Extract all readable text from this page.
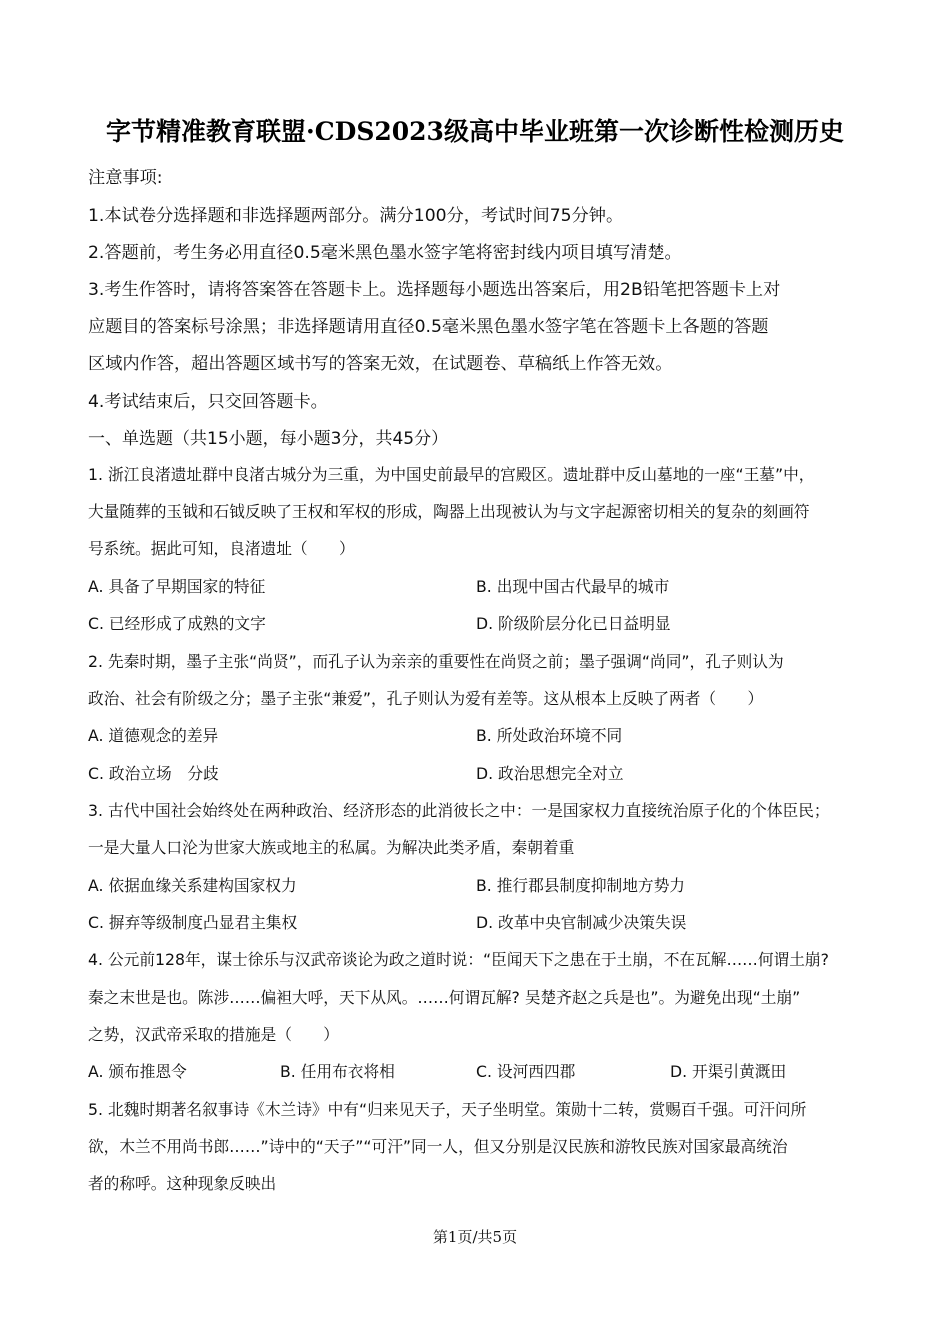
字节精准教育联盟·CDS2023级高中毕业班第一次诊断性检测历史
注意事项:
1.本试卷分选择题和非选择题两部分。满分100分，考试时间75分钟。
2.答题前，考生务必用直径0.5毫米黑色墨水签字笔将密封线内项目填写清楚。
3.考生作答时，请将答案答在答题卡上。选择题每小题选出答案后，用2B铅笔把答题卡上对
应题目的答案标号涂黑；非选择题请用直径0.5毫米黑色墨水签字笔在答题卡上各题的答题
区域内作答，超出答题区域书写的答案无效，在试题卷、草稿纸上作答无效。
4.考试结束后，只交回答题卡。
一、单选题（共15小题，每小题3分，共45分）
1. 浙江良渚遗址群中良渚古城分为三重，为中国史前最早的宫殿区。遗址群中反山墓地的一座“王墓”中，
大量随葬的玉钺和石钺反映了王权和军权的形成，陶器上出现被认为与文字起源密切相关的复杂的刻画符
号系统。据此可知，良渚遗址（　　）
A. 具备了早期国家的特征	B. 出现中国古代最早的城市
C. 已经形成了成熟的文字	D. 阶级阶层分化已日益明显
2. 先秦时期，墨子主张“尚贤”，而孔子认为亲亲的重要性在尚贤之前；墨子强调“尚同”，孔子则认为
政治、社会有阶级之分；墨子主张“兼爱”，孔子则认为爱有差等。这从根本上反映了两者（　　）
A. 道德观念的差异	B. 所处政治环境不同
C. 政治立场　分歧	D. 政治思想完全对立
3. 古代中国社会始终处在两种政治、经济形态的此消彼长之中：一是国家权力直接统治原子化的个体臣民；
一是大量人口沦为世家大族或地主的私属。为解决此类矛盾，秦朝着重
A. 依据血缘关系建构国家权力	B. 推行郡县制度抑制地方势力
C. 摒弃等级制度凸显君主集权	D. 改革中央官制减少决策失误
4. 公元前128年，谋士徐乐与汉武帝谈论为政之道时说：“臣闻天下之患在于土崩，不在瓦解……何谓土崩?
秦之末世是也。陈涉……偏袒大呼，天下从风。……何谓瓦解? 吴楚齐赵之兵是也”。为避免出现“土崩”
之势，汉武帝采取的措施是（　　）
A. 颁布推恩令	B. 任用布衣将相	C. 设河西四郡	D. 开渠引黄溉田
5. 北魏时期著名叙事诗《木兰诗》中有“归来见天子，天子坐明堂。策勋十二转，赏赐百千强。可汗问所
欲，木兰不用尚书郎……”诗中的“天子”“可汗”同一人，但又分别是汉民族和游牧民族对国家最高统治
者的称呼。这种现象反映出
第1页/共5页
